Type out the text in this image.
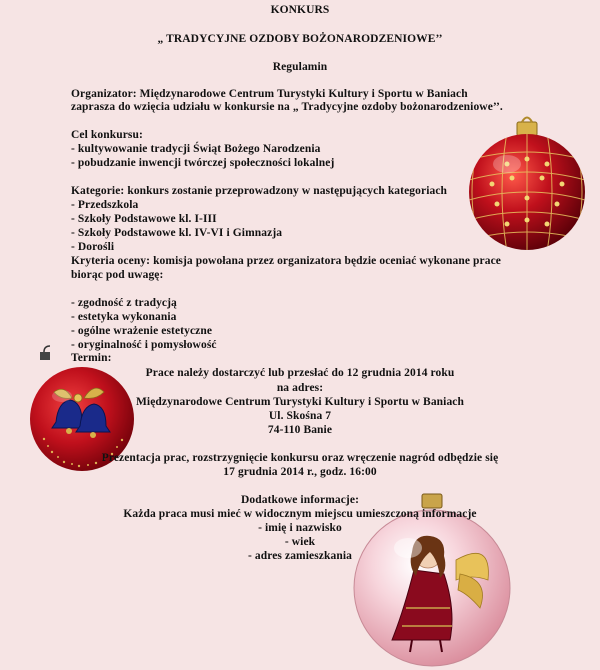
KONKURS
„ TRADYCYJNE OZDOBY BOŻONARODZENIOWE’’
Regulamin
Organizator: Międzynarodowe Centrum Turystyki Kultury i Sportu w Baniach
zaprasza do wzięcia udziału w konkursie na „ Tradycyjne ozdoby bożonarodzeniowe’’.
Cel konkursu:
- kultywowanie tradycji Świąt Bożego Narodzenia
- pobudzanie inwencji twórczej społeczności lokalnej
Kategorie: konkurs zostanie przeprowadzony w następujących kategoriach
- Przedszkola
- Szkoły Podstawowe kl. I-III
- Szkoły Podstawowe kl. IV-VI i Gimnazja
- Dorośli
Kryteria oceny: komisja powołana przez organizatora będzie oceniać wykonane prace
biorąc pod uwagę:
- zgodność z tradycją
- estetyka wykonania
- ogólne wrażenie estetyczne
- oryginalność i pomysłowość
Termin:
Prace należy dostarczyć lub przesłać do 12 grudnia 2014 roku
na adres:
Międzynarodowe Centrum Turystyki Kultury i Sportu w Baniach
Ul. Skośna 7
74-110 Banie
Prezentacja prac, rozstrzygnięcie konkursu oraz wręczenie nagród odbędzie się
17 grudnia 2014 r., godz. 16:00
Dodatkowe informacje:
Każda praca musi mieć w widocznym miejscu umieszczoną informacje
- imię i nazwisko
- wiek
- adres zamieszkania
